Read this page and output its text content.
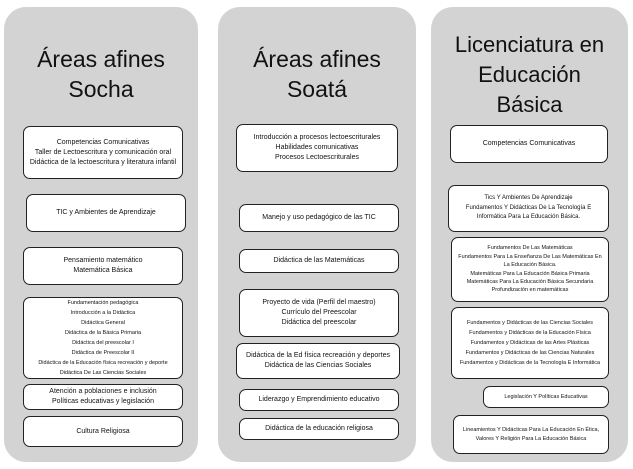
Áreas afines
Socha
Competencias Comunicativas
Taller de Lectoescritura y comunicación oral
Didáctica de la lectoescritura y literatura infantil
TIC y Ambientes de Aprendizaje
Pensamiento matemático
Matemática Básica
Fundamentación pedagógica
Introducción a la Didáctica
Didáctica General
Didáctica de la Básica Primaria
Didáctica del preescolar I
Didáctica de Preescolar II
Didáctica de la Educación física recreación y deporte
Didáctica De Las Ciencias Sociales
Atención a poblaciones e inclusión
Políticas educativas y legislación
Cultura Religiosa
Áreas afines
Soatá
Introducción a procesos lectoescriturales
Habilidades comunicativas
Procesos Lectoescriturales
Manejo y uso pedagógico de las TIC
Didáctica de las Matemáticas
Proyecto de vida (Perfil del maestro)
Currículo del Preescolar
Didáctica del preescolar
Didáctica de la Ed física recreación y deportes
Didáctica de las Ciencias Sociales
Liderazgo y Emprendimiento educativo
Didáctica de la educación religiosa
Licenciatura en
Educación
Básica
Competencias Comunicativas
Tics Y Ambientes De Aprendizaje
Fundamentos Y Didácticas De La Tecnología E Informática Para La Educación Básica.
Fundamentos De Las Matemáticas
Fundamentos Para La Enseñanza De Las Matemáticas En La Educación Básica.
Matemáticas Para La Educación Básica Primaria
Matemáticas Para La Educación Básica Secundaria
Profundización en matemáticas
Fundamentos y Didácticas de las Ciencias Sociales
Fundamentos y Didácticas de la Educación Física
Fundamentos y Didácticas de las Artes Plásticas
Fundamentos y Didácticas de las Ciencias Naturales
Fundamentos y Didácticas de la Tecnología E Informática
Legislación Y Políticas Educativas
Lineamientos Y Didácticas Para La Educación En Ética, Valores Y Religión Para La Educación Básica
